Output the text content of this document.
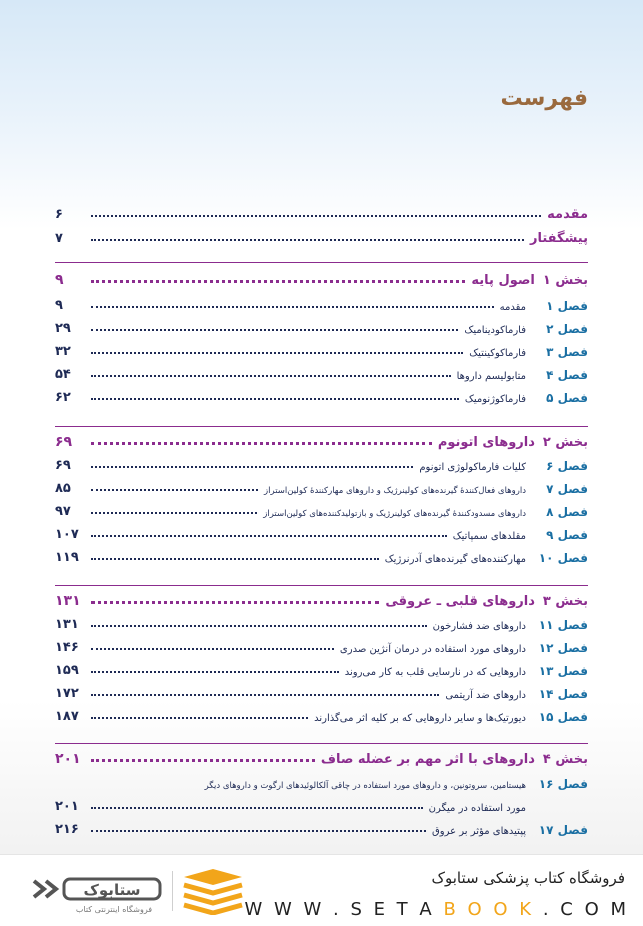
فهرست
مقدمه
۶
پیشگفتار
۷
بخش ۱
اصول پایه
۹
فصل ۱
مقدمه
۹
فصل ۲
فارماکودینامیک
۲۹
فصل ۳
فارماکوکینتیک
۳۲
فصل ۴
متابولیسم داروها
۵۴
فصل ۵
فارماکوژنومیک
۶۲
بخش ۲
داروهای اتونوم
۶۹
فصل ۶
کلیات فارماکولوژی اتونوم
۶۹
فصل ۷
داروهای فعال‌کنندهٔ گیرنده‌های کولینرژیک و داروهای مهارکنندهٔ کولین‌استراز
۸۵
فصل ۸
داروهای مسدودکنندهٔ گیرنده‌های کولینرژیک و بازتولیدکننده‌های کولین‌استراز
۹۷
فصل ۹
مقلدهای سمپاتیک
۱۰۷
فصل ۱۰
مهارکننده‌های گیرنده‌های آدرنرژیک
۱۱۹
بخش ۳
داروهای قلبی ـ عروقی
۱۳۱
فصل ۱۱
داروهای ضد فشارخون
۱۳۱
فصل ۱۲
داروهای مورد استفاده در درمان آنژین صدری
۱۴۶
فصل ۱۳
داروهایی که در نارسایی قلب به کار می‌روند
۱۵۹
فصل ۱۴
داروهای ضد آریتمی
۱۷۲
فصل ۱۵
دیورتیک‌ها و سایر داروهایی که بر کلیه اثر می‌گذارند
۱۸۷
بخش ۴
داروهای با اثر مهم بر عضله صاف
۲۰۱
فصل ۱۶
هیستامین، سروتونین، و داروهای مورد استفاده در چاقی آلکالوئیدهای ارگوت و داروهای دیگر
مورد استفاده در میگرن
۲۰۱
فصل ۱۷
پپتیدهای مؤثر بر عروق
۲۱۶
ستابوک
فروشگاه اینترنتی کتاب
فروشگاه کتاب پزشکی ستابوک
W W W . S E T A B O O K . C O M
